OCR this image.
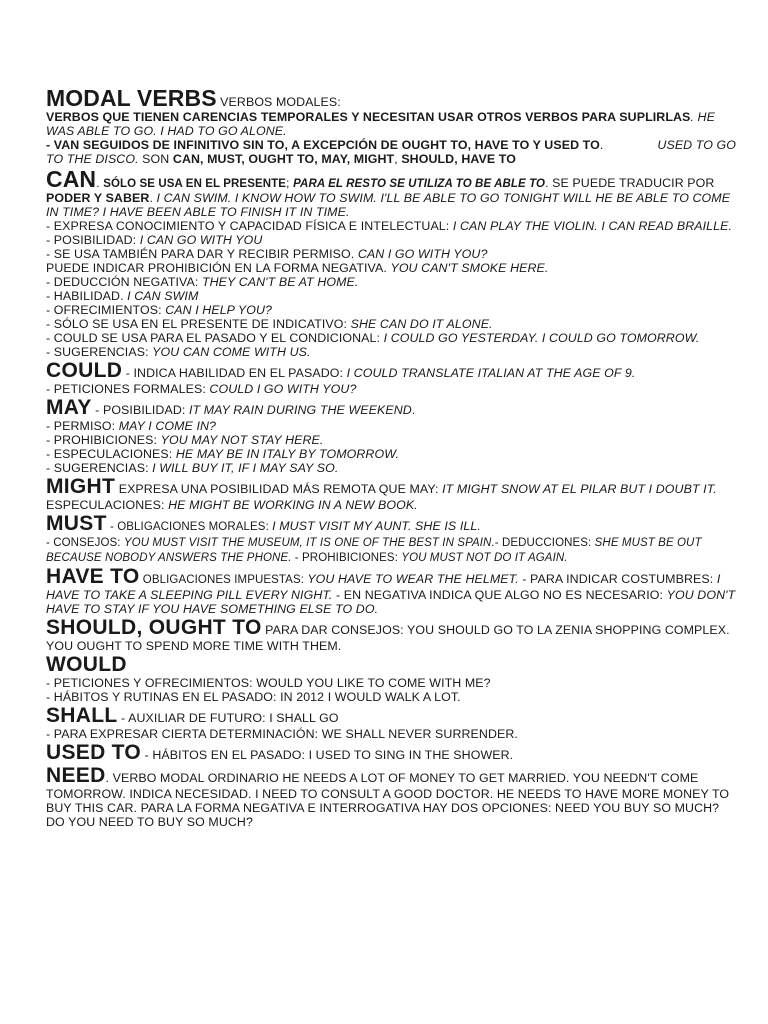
MODAL VERBS VERBOS MODALES:

VERBOS QUE TIENEN CARENCIAS TEMPORALES Y NECESITAN USAR OTROS VERBOS PARA SUPLIRLAS. HE WAS ABLE TO GO. I HAD TO GO ALONE.

- VAN SEGUIDOS DE INFINITIVO SIN TO, A EXCEPCIÓN DE OUGHT TO, HAVE TO Y USED TO.	USED TO GO TO THE DISCO. SON CAN, MUST, OUGHT TO, MAY, MIGHT, SHOULD, HAVE TO

CAN. SÓLO SE USA EN EL PRESENTE; PARA EL RESTO SE UTILIZA TO BE ABLE TO. SE PUEDE TRADUCIR POR PODER Y SABER. I CAN SWIM. I KNOW HOW TO SWIM. I'LL BE ABLE TO GO TONIGHT WILL HE BE ABLE TO COME IN TIME? I HAVE BEEN ABLE TO FINISH IT IN TIME.

- EXPRESA CONOCIMIENTO Y CAPACIDAD FÍSICA E INTELECTUAL: I CAN PLAY THE VIOLIN. I CAN READ BRAILLE.

- POSIBILIDAD: I CAN GO WITH YOU

- SE USA TAMBIÉN PARA DAR Y RECIBIR PERMISO. CAN I GO WITH YOU?

PUEDE INDICAR PROHIBICIÓN EN LA FORMA NEGATIVA. YOU CAN'T SMOKE HERE.

- DEDUCCIÓN NEGATIVA: THEY CAN'T BE AT HOME.

- HABILIDAD. I CAN SWIM

- OFRECIMIENTOS: CAN I HELP YOU?

- SÓLO SE USA EN EL PRESENTE DE INDICATIVO: SHE CAN DO IT ALONE.

- COULD SE USA PARA EL PASADO Y EL CONDICIONAL: I COULD GO YESTERDAY. I COULD GO TOMORROW.

- SUGERENCIAS: YOU CAN COME WITH US.

COULD - INDICA HABILIDAD EN EL PASADO: I COULD TRANSLATE ITALIAN AT THE AGE OF 9.

- PETICIONES FORMALES: COULD I GO WITH YOU?

MAY - POSIBILIDAD: IT MAY RAIN DURING THE WEEKEND.

- PERMISO: MAY I COME IN?

- PROHIBICIONES: YOU MAY NOT STAY HERE.

- ESPECULACIONES: HE MAY BE IN ITALY BY TOMORROW.

- SUGERENCIAS: I WILL BUY IT, IF I MAY SAY SO.

MIGHT EXPRESA UNA POSIBILIDAD MÁS REMOTA QUE MAY: IT MIGHT SNOW AT EL PILAR BUT I DOUBT IT.

ESPECULACIONES: HE MIGHT BE WORKING IN A NEW BOOK.

MUST - OBLIGACIONES MORALES: I MUST VISIT MY AUNT. SHE IS ILL.

- CONSEJOS: YOU MUST VISIT THE MUSEUM, IT IS ONE OF THE BEST IN SPAIN.- DEDUCCIONES: SHE MUST BE OUT BECAUSE NOBODY ANSWERS THE PHONE. - PROHIBICIONES: YOU MUST NOT DO IT AGAIN.

HAVE TO OBLIGACIONES IMPUESTAS: YOU HAVE TO WEAR THE HELMET. - PARA INDICAR COSTUMBRES: I HAVE TO TAKE A SLEEPING PILL EVERY NIGHT. - EN NEGATIVA INDICA QUE ALGO NO ES NECESARIO: YOU DON'T HAVE TO STAY IF YOU HAVE SOMETHING ELSE TO DO.

SHOULD, OUGHT TO PARA DAR CONSEJOS: YOU SHOULD GO TO LA ZENIA SHOPPING COMPLEX. YOU OUGHT TO SPEND MORE TIME WITH THEM.

WOULD

- PETICIONES Y OFRECIMIENTOS: WOULD YOU LIKE TO COME WITH ME?

- HÁBITOS Y RUTINAS EN EL PASADO: IN 2012 I WOULD WALK A LOT.

SHALL - AUXILIAR DE FUTURO: I SHALL GO

- PARA EXPRESAR CIERTA DETERMINACIÓN: WE SHALL NEVER SURRENDER.

USED TO - HÁBITOS EN EL PASADO: I USED TO SING IN THE SHOWER.

NEED. VERBO MODAL ORDINARIO HE NEEDS A LOT OF MONEY TO GET MARRIED. YOU NEEDN'T COME TOMORROW. INDICA NECESIDAD. I NEED TO CONSULT A GOOD DOCTOR. HE NEEDS TO HAVE MORE MONEY TO BUY THIS CAR. PARA LA FORMA NEGATIVA E INTERROGATIVA HAY DOS OPCIONES: NEED YOU BUY SO MUCH? DO YOU NEED TO BUY SO MUCH?
